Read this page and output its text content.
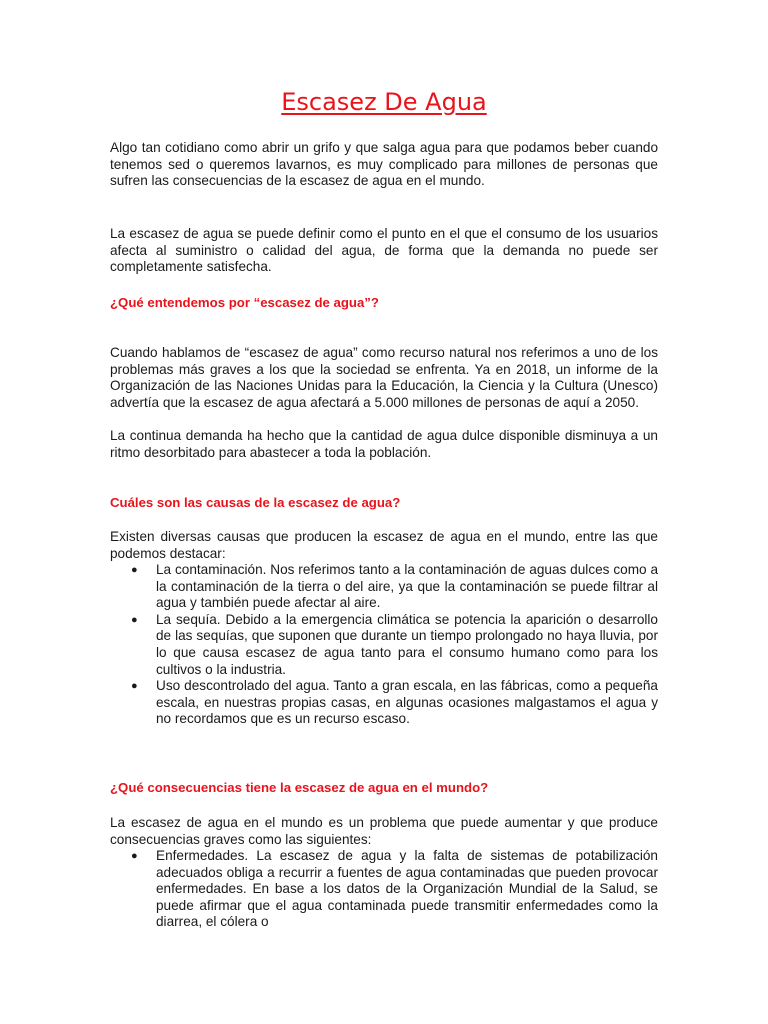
Escasez De Agua

Algo tan cotidiano como abrir un grifo y que salga agua para que podamos beber cuando tenemos sed o queremos lavarnos, es muy complicado para millones de personas que sufren las consecuencias de la escasez de agua en el mundo.

La escasez de agua se puede definir como el punto en el que el consumo de los usuarios afecta al suministro o calidad del agua, de forma que la demanda no puede ser completamente satisfecha.

¿Qué entendemos por “escasez de agua”?

Cuando hablamos de “escasez de agua” como recurso natural nos referimos a uno de los problemas más graves a los que la sociedad se enfrenta. Ya en 2018, un informe de la Organización de las Naciones Unidas para la Educación, la Ciencia y la Cultura (Unesco) advertía que la escasez de agua afectará a 5.000 millones de personas de aquí a 2050.

La continua demanda ha hecho que la cantidad de agua dulce disponible disminuya a un ritmo desorbitado para abastecer a toda la población.

Cuáles son las causas de la escasez de agua?

Existen diversas causas que producen la escasez de agua en el mundo, entre las que podemos destacar:

● La contaminación. Nos referimos tanto a la contaminación de aguas dulces como a la contaminación de la tierra o del aire, ya que la contaminación se puede filtrar al agua y también puede afectar al aire.
● La sequía. Debido a la emergencia climática se potencia la aparición o desarrollo de las sequías, que suponen que durante un tiempo prolongado no haya lluvia, por lo que causa escasez de agua tanto para el consumo humano como para los cultivos o la industria.
● Uso descontrolado del agua. Tanto a gran escala, en las fábricas, como a pequeña escala, en nuestras propias casas, en algunas ocasiones malgastamos el agua y no recordamos que es un recurso escaso.
¿Qué consecuencias tiene la escasez de agua en el mundo?

La escasez de agua en el mundo es un problema que puede aumentar y que produce consecuencias graves como las siguientes:

● Enfermedades. La escasez de agua y la falta de sistemas de potabilización adecuados obliga a recurrir a fuentes de agua contaminadas que pueden provocar enfermedades. En base a los datos de la Organización Mundial de la Salud, se puede afirmar que el agua contaminada puede transmitir enfermedades como la diarrea, el cólera o
